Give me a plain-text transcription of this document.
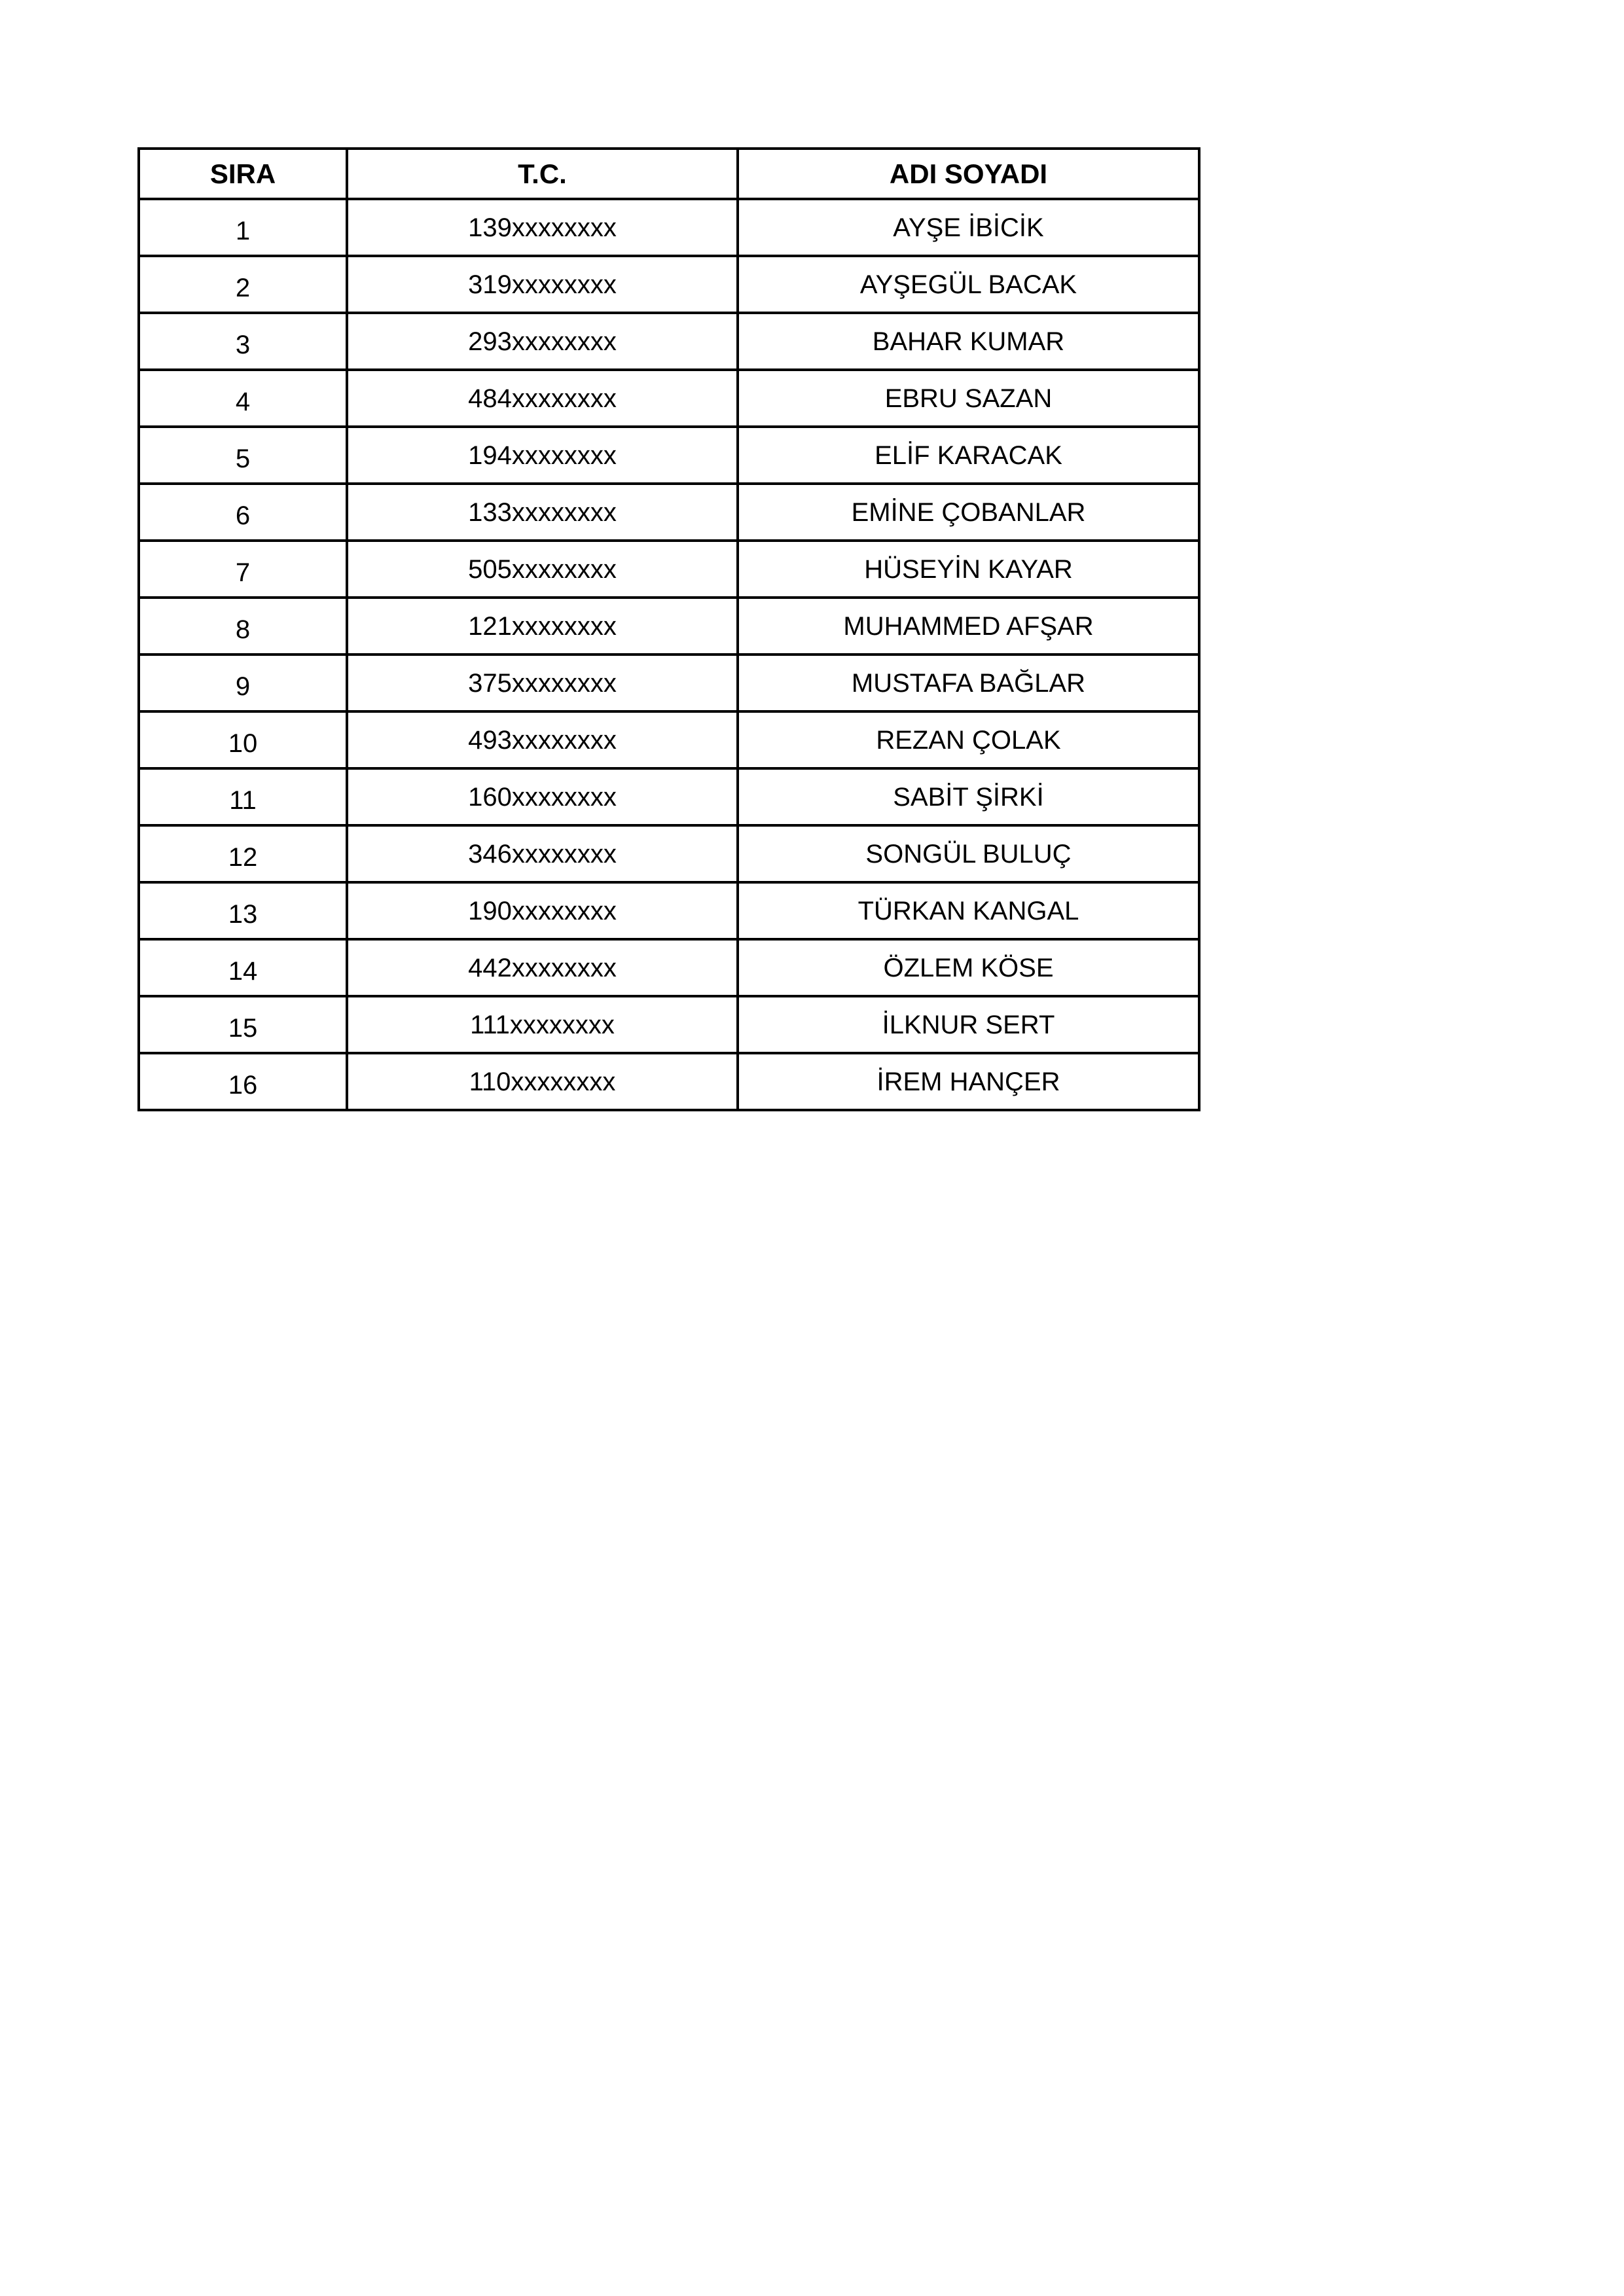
SIRA	T.C.	ADI SOYADI
1	139xxxxxxxx	AYŞE İBİCİK
2	319xxxxxxxx	AYŞEGÜL BACAK
3	293xxxxxxxx	BAHAR KUMAR
4	484xxxxxxxx	EBRU SAZAN
5	194xxxxxxxx	ELİF KARACAK
6	133xxxxxxxx	EMİNE ÇOBANLAR
7	505xxxxxxxx	HÜSEYİN KAYAR
8	121xxxxxxxx	MUHAMMED AFŞAR
9	375xxxxxxxx	MUSTAFA BAĞLAR
10	493xxxxxxxx	REZAN ÇOLAK
11	160xxxxxxxx	SABİT ŞİRKİ
12	346xxxxxxxx	SONGÜL BULUÇ
13	190xxxxxxxx	TÜRKAN KANGAL
14	442xxxxxxxx	ÖZLEM KÖSE
15	111xxxxxxxx	İLKNUR SERT
16	110xxxxxxxx	İREM HANÇER
